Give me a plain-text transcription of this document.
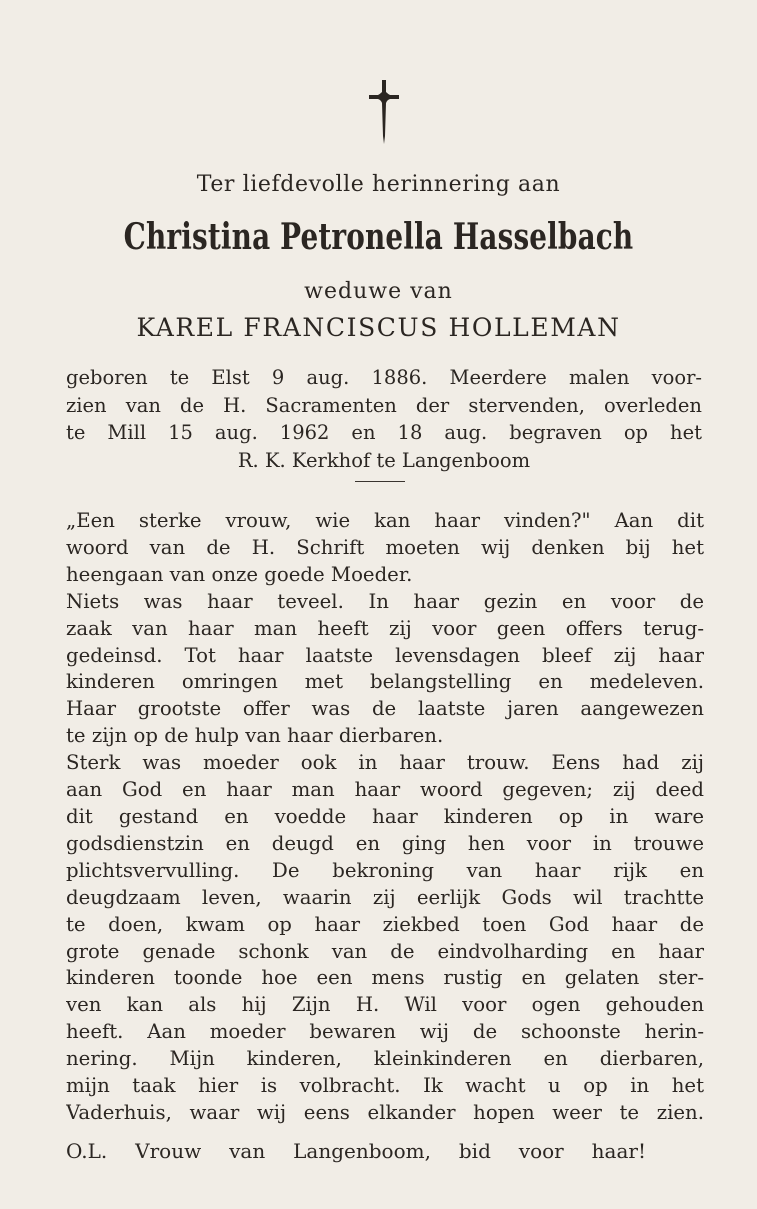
Ter liefdevolle herinnering aan
Christina Petronella Hasselbach
weduwe van
KAREL FRANCISCUS HOLLEMAN
geboren te Elst 9 aug. 1886. Meerdere malen voor-
zien van de H. Sacramenten der stervenden, overleden
te Mill 15 aug. 1962 en 18 aug. begraven op het
R. K. Kerkhof te Langenboom
„Een sterke vrouw, wie kan haar vinden?" Aan dit
woord van de H. Schrift moeten wij denken bij het
heengaan van onze goede Moeder.
Niets was haar teveel. In haar gezin en voor de
zaak van haar man heeft zij voor geen offers terug-
gedeinsd. Tot haar laatste levensdagen bleef zij haar
kinderen omringen met belangstelling en medeleven.
Haar grootste offer was de laatste jaren aangewezen
te zijn op de hulp van haar dierbaren.
Sterk was moeder ook in haar trouw. Eens had zij
aan God en haar man haar woord gegeven; zij deed
dit gestand en voedde haar kinderen op in ware
godsdienstzin en deugd en ging hen voor in trouwe
plichtsvervulling. De bekroning van haar rijk en
deugdzaam leven, waarin zij eerlijk Gods wil trachtte
te doen, kwam op haar ziekbed toen God haar de
grote genade schonk van de eindvolharding en haar
kinderen toonde hoe een mens rustig en gelaten ster-
ven kan als hij Zijn H. Wil voor ogen gehouden
heeft. Aan moeder bewaren wij de schoonste herin-
nering. Mijn kinderen, kleinkinderen en dierbaren,
mijn taak hier is volbracht. Ik wacht u op in het
Vaderhuis, waar wij eens elkander hopen weer te zien.
O.L. Vrouw van Langenboom, bid voor haar!
